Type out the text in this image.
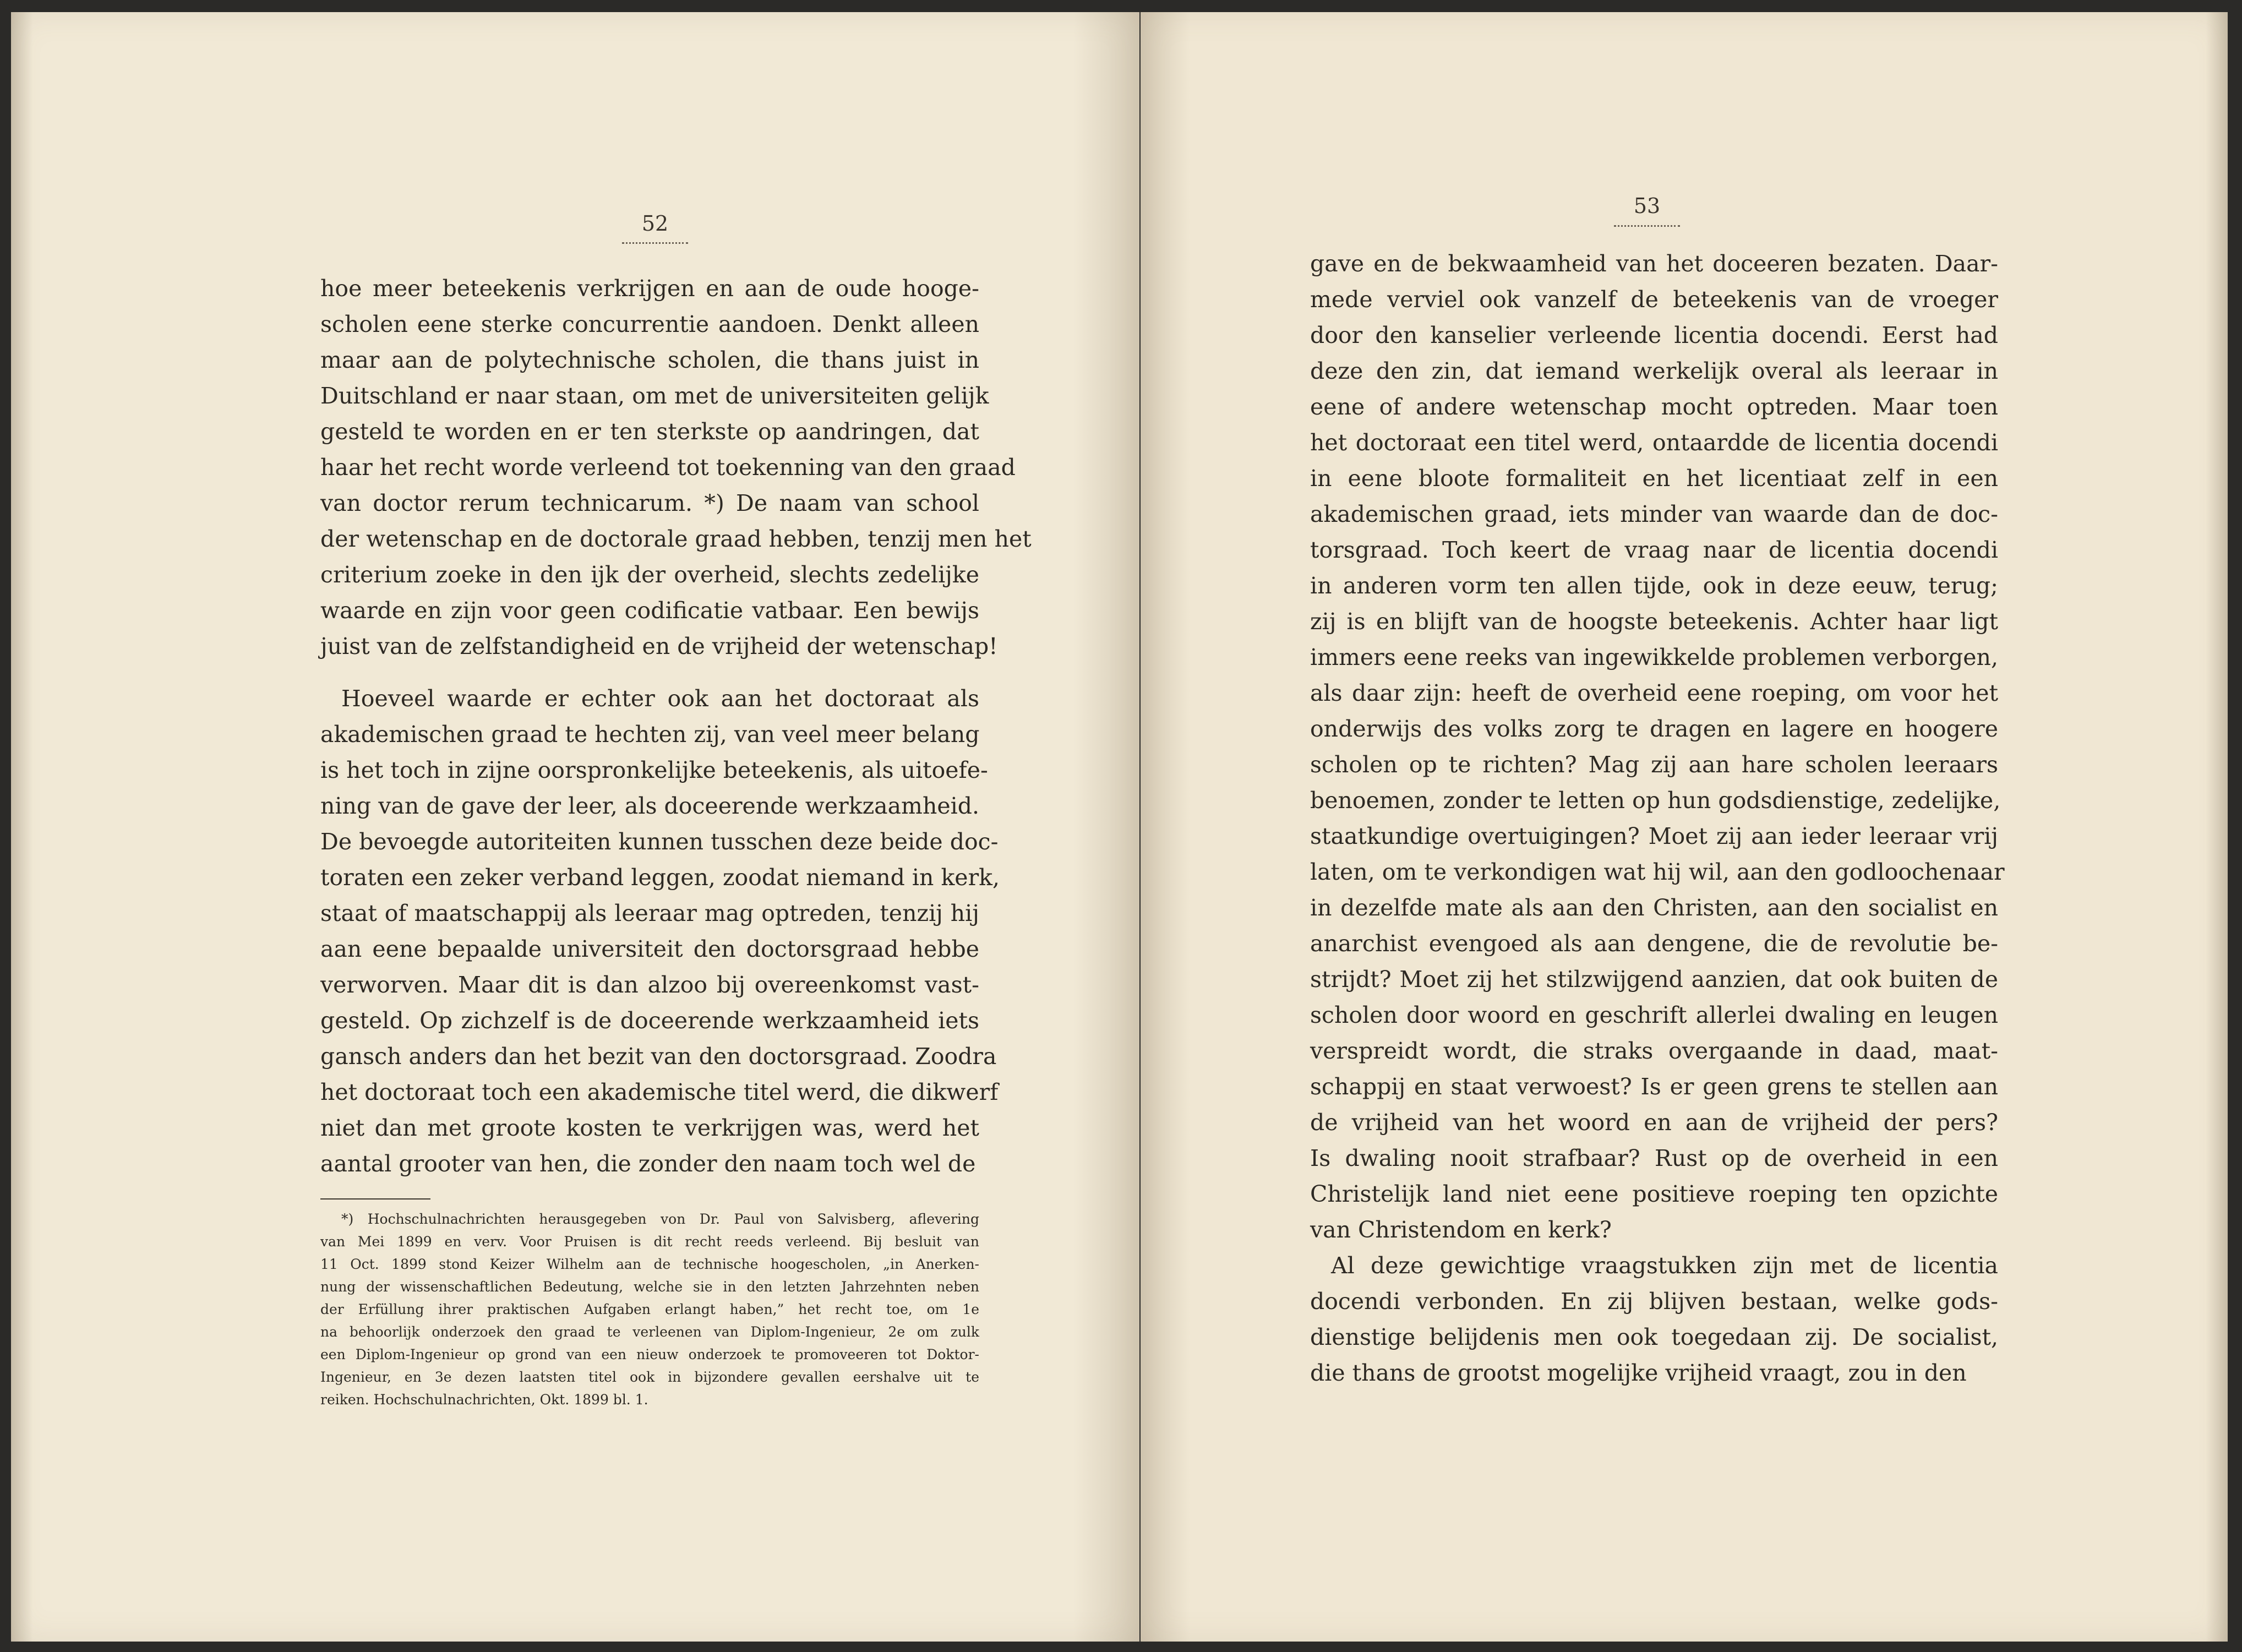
52
hoe meer beteekenis verkrijgen en aan de oude hooge-
scholen eene sterke concurrentie aandoen. Denkt alleen
maar aan de polytechnische scholen, die thans juist in
Duitschland er naar staan, om met de universiteiten gelijk
gesteld te worden en er ten sterkste op aandringen, dat
haar het recht worde verleend tot toekenning van den graad
van doctor rerum technicarum. *) De naam van school
der wetenschap en de doctorale graad hebben, tenzij men het
criterium zoeke in den ijk der overheid, slechts zedelijke
waarde en zijn voor geen codificatie vatbaar. Een bewijs
juist van de zelfstandigheid en de vrijheid der wetenschap!
Hoeveel waarde er echter ook aan het doctoraat als
akademischen graad te hechten zij, van veel meer belang
is het toch in zijne oorspronkelijke beteekenis, als uitoefe-
ning van de gave der leer, als doceerende werkzaamheid.
De bevoegde autoriteiten kunnen tusschen deze beide doc-
toraten een zeker verband leggen, zoodat niemand in kerk,
staat of maatschappij als leeraar mag optreden, tenzij hij
aan eene bepaalde universiteit den doctorsgraad hebbe
verworven. Maar dit is dan alzoo bij overeenkomst vast-
gesteld. Op zichzelf is de doceerende werkzaamheid iets
gansch anders dan het bezit van den doctorsgraad. Zoodra
het doctoraat toch een akademische titel werd, die dikwerf
niet dan met groote kosten te verkrijgen was, werd het
aantal grooter van hen, die zonder den naam toch wel de
*) Hochschulnachrichten herausgegeben von Dr. Paul von Salvisberg, aflevering
van Mei 1899 en verv. Voor Pruisen is dit recht reeds verleend. Bij besluit van
11 Oct. 1899 stond Keizer Wilhelm aan de technische hoogescholen, „in Anerken-
nung der wissenschaftlichen Bedeutung, welche sie in den letzten Jahrzehnten neben
der Erfüllung ihrer praktischen Aufgaben erlangt haben,” het recht toe, om 1e
na behoorlijk onderzoek den graad te verleenen van Diplom-Ingenieur, 2e om zulk
een Diplom-Ingenieur op grond van een nieuw onderzoek te promoveeren tot Doktor-
Ingenieur, en 3e dezen laatsten titel ook in bijzondere gevallen eershalve uit te
reiken. Hochschulnachrichten, Okt. 1899 bl. 1.
53
gave en de bekwaamheid van het doceeren bezaten. Daar-
mede verviel ook vanzelf de beteekenis van de vroeger
door den kanselier verleende licentia docendi. Eerst had
deze den zin, dat iemand werkelijk overal als leeraar in
eene of andere wetenschap mocht optreden. Maar toen
het doctoraat een titel werd, ontaardde de licentia docendi
in eene bloote formaliteit en het licentiaat zelf in een
akademischen graad, iets minder van waarde dan de doc-
torsgraad. Toch keert de vraag naar de licentia docendi
in anderen vorm ten allen tijde, ook in deze eeuw, terug;
zij is en blijft van de hoogste beteekenis. Achter haar ligt
immers eene reeks van ingewikkelde problemen verborgen,
als daar zijn: heeft de overheid eene roeping, om voor het
onderwijs des volks zorg te dragen en lagere en hoogere
scholen op te richten? Mag zij aan hare scholen leeraars
benoemen, zonder te letten op hun godsdienstige, zedelijke,
staatkundige overtuigingen? Moet zij aan ieder leeraar vrij
laten, om te verkondigen wat hij wil, aan den godloochenaar
in dezelfde mate als aan den Christen, aan den socialist en
anarchist evengoed als aan dengene, die de revolutie be-
strijdt? Moet zij het stilzwijgend aanzien, dat ook buiten de
scholen door woord en geschrift allerlei dwaling en leugen
verspreidt wordt, die straks overgaande in daad, maat-
schappij en staat verwoest? Is er geen grens te stellen aan
de vrijheid van het woord en aan de vrijheid der pers?
Is dwaling nooit strafbaar? Rust op de overheid in een
Christelijk land niet eene positieve roeping ten opzichte
van Christendom en kerk?
Al deze gewichtige vraagstukken zijn met de licentia
docendi verbonden. En zij blijven bestaan, welke gods-
dienstige belijdenis men ook toegedaan zij. De socialist,
die thans de grootst mogelijke vrijheid vraagt, zou in den
